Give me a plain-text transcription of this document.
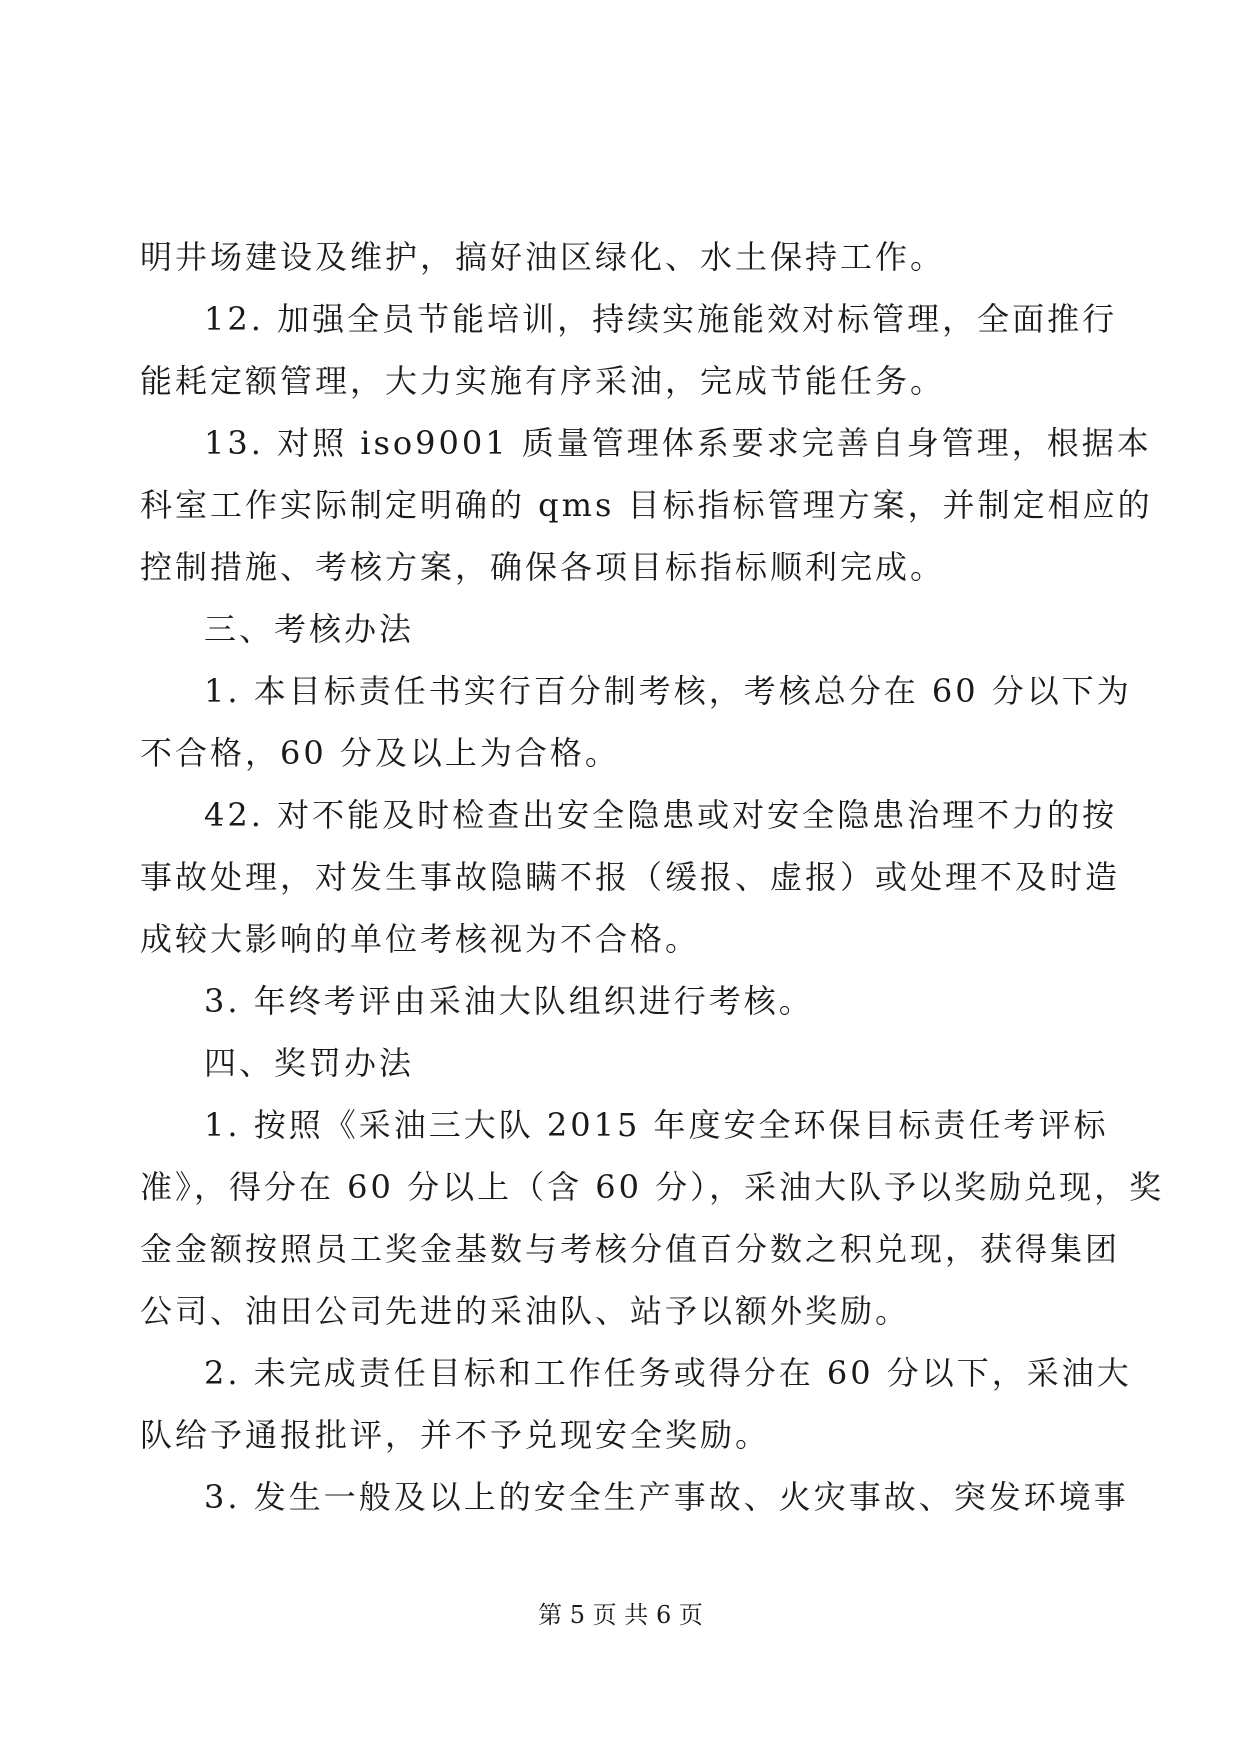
明井场建设及维护，搞好油区绿化、水土保持工作。
12. 加强全员节能培训，持续实施能效对标管理，全面推行
能耗定额管理，大力实施有序采油，完成节能任务。
13. 对照 iso9001 质量管理体系要求完善自身管理，根据本
科室工作实际制定明确的 qms 目标指标管理方案，并制定相应的
控制措施、考核方案，确保各项目标指标顺利完成。
三、考核办法
1. 本目标责任书实行百分制考核，考核总分在 60 分以下为
不合格，60 分及以上为合格。
42. 对不能及时检查出安全隐患或对安全隐患治理不力的按
事故处理，对发生事故隐瞒不报（缓报、虚报）或处理不及时造
成较大影响的单位考核视为不合格。
3. 年终考评由采油大队组织进行考核。
四、奖罚办法
1. 按照《采油三大队 2015 年度安全环保目标责任考评标
准》，得分在 60 分以上（含 60 分），采油大队予以奖励兑现，奖
金金额按照员工奖金基数与考核分值百分数之积兑现，获得集团
公司、油田公司先进的采油队、站予以额外奖励。
2. 未完成责任目标和工作任务或得分在 60 分以下，采油大
队给予通报批评，并不予兑现安全奖励。
3. 发生一般及以上的安全生产事故、火灾事故、突发环境事
第 5 页 共 6 页
